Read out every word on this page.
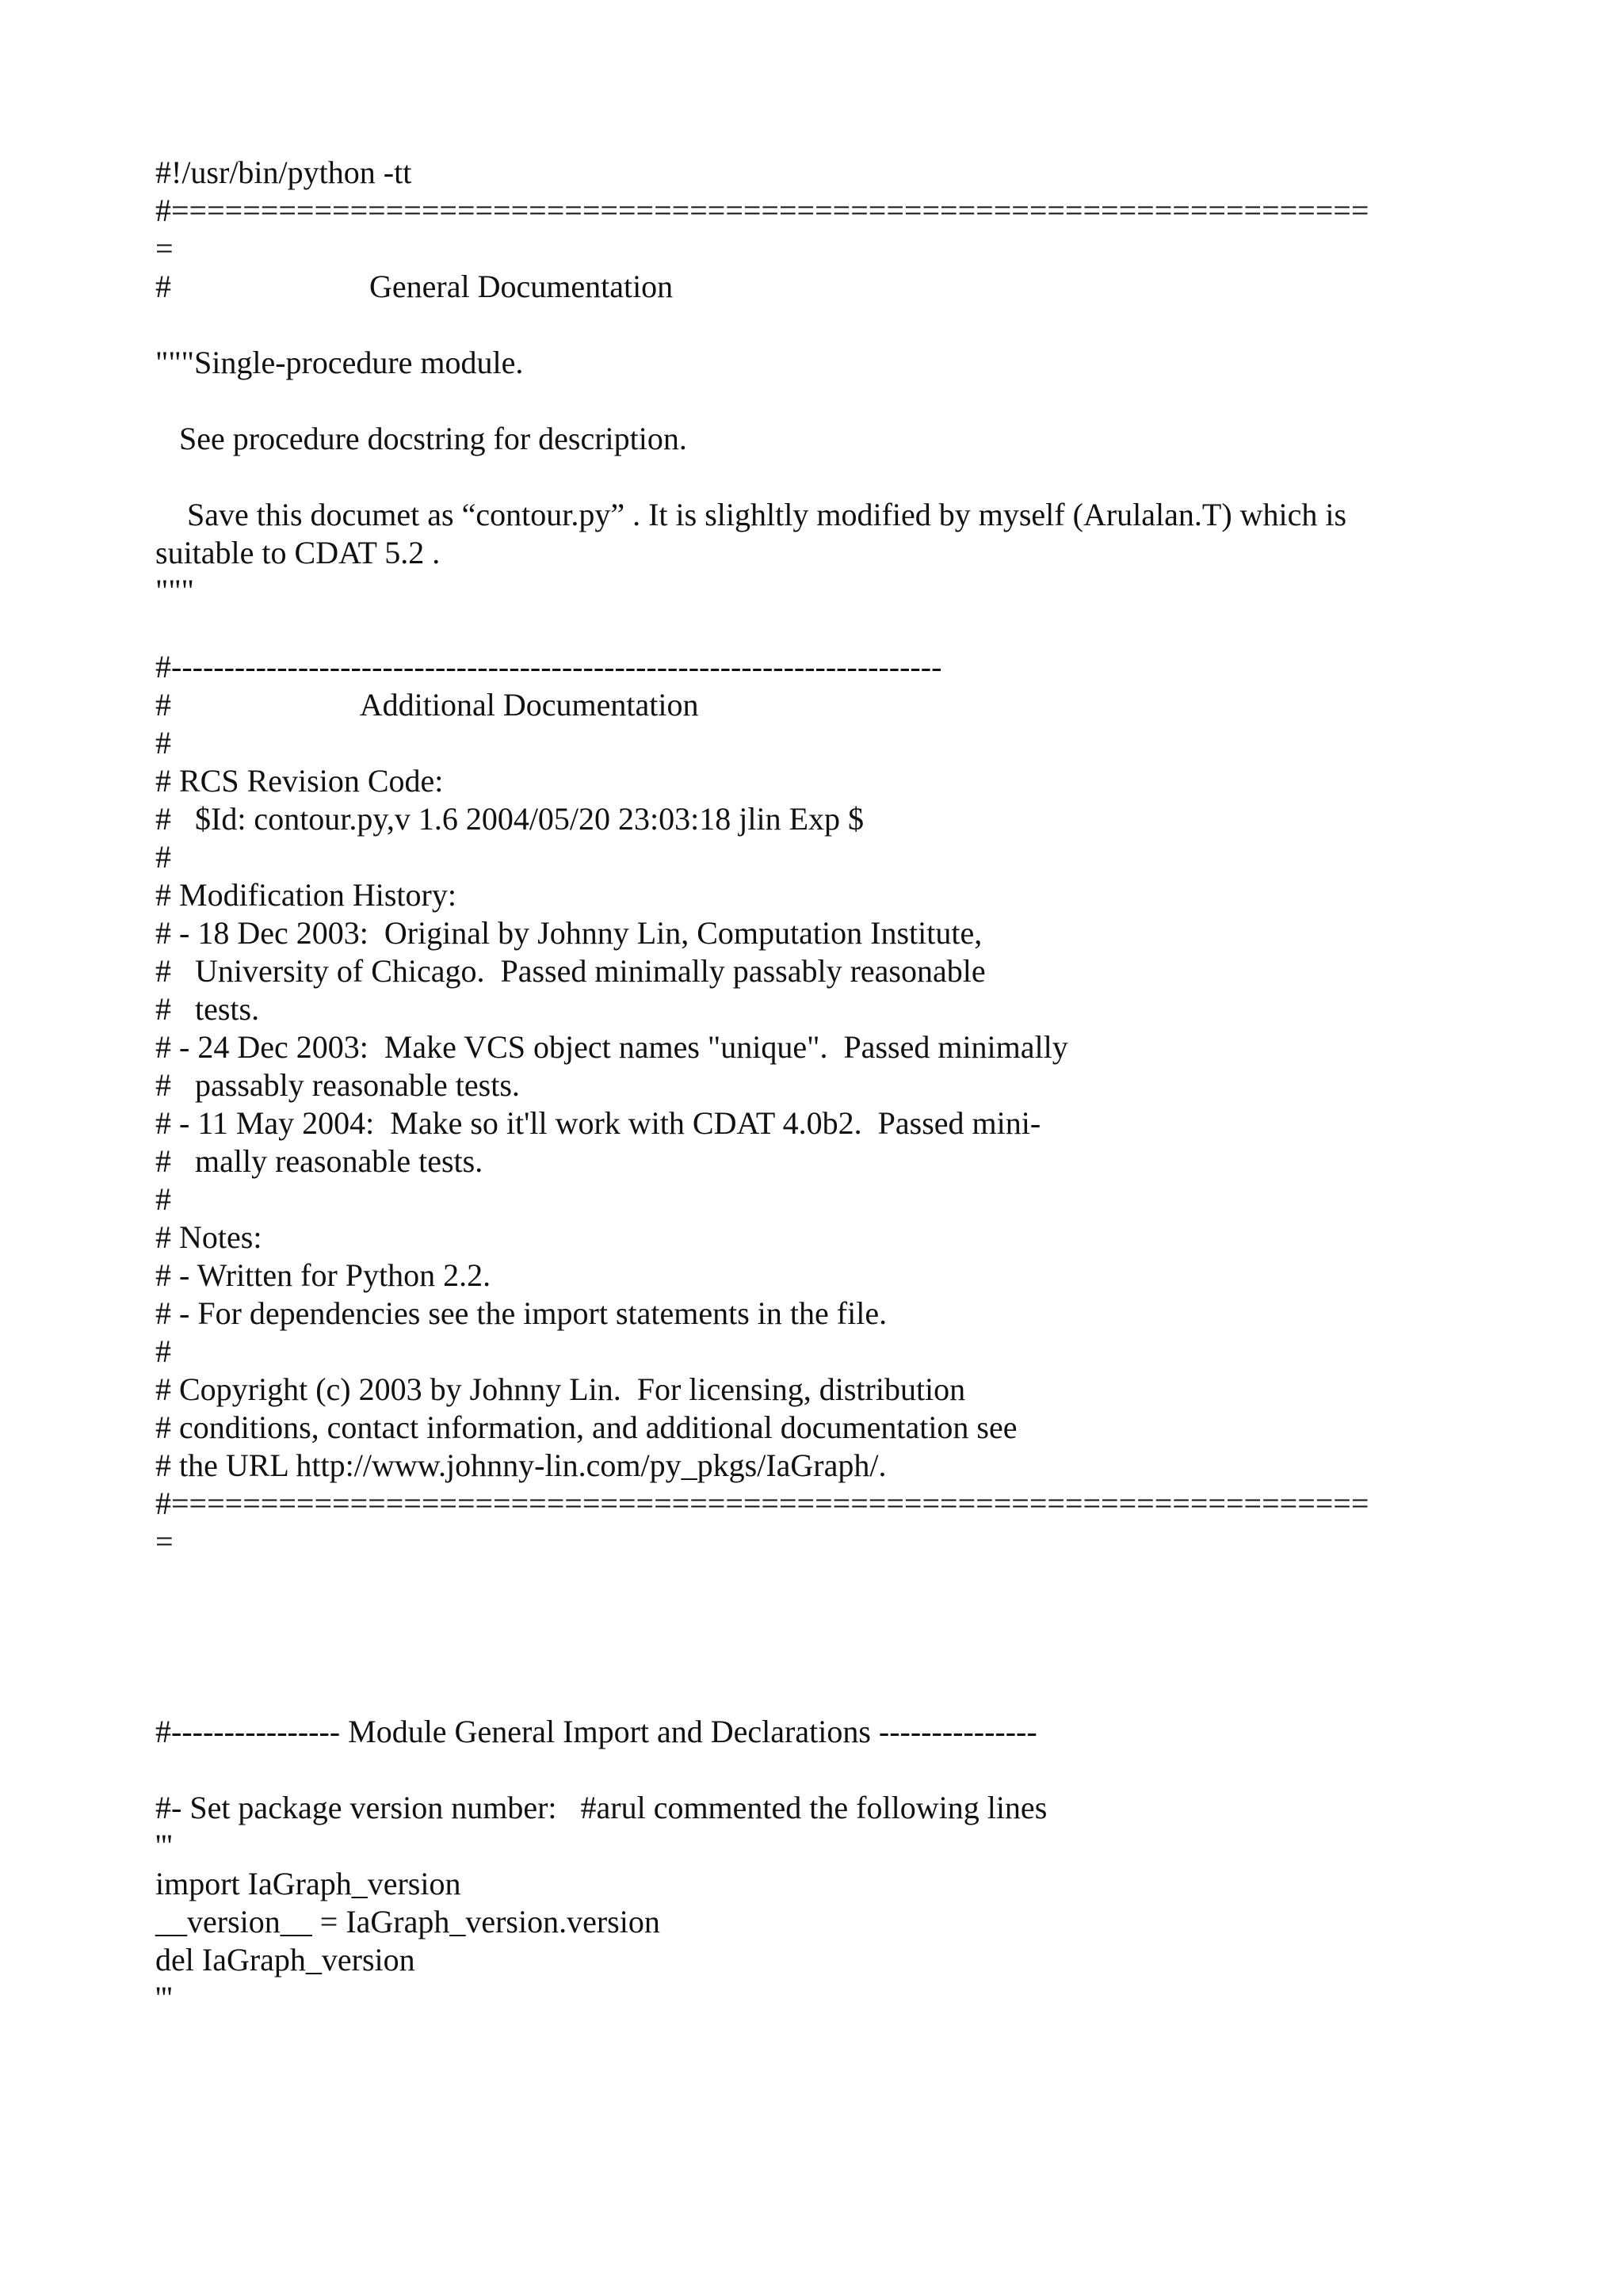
#!/usr/bin/python -tt
#===================================================================
=
#                         General Documentation
"""Single-procedure module.
See procedure docstring for description.
Save this documet as “contour.py” . It is slighltly modified by myself (Arulalan.T) which is
suitable to CDAT 5.2 .
"""
#-------------------------------------------------------------------------
#                        Additional Documentation
#
# RCS Revision Code:
#   $Id: contour.py,v 1.6 2004/05/20 23:03:18 jlin Exp $
#
# Modification History:
# - 18 Dec 2003:  Original by Johnny Lin, Computation Institute,
#   University of Chicago.  Passed minimally passably reasonable
#   tests.
# - 24 Dec 2003:  Make VCS object names "unique".  Passed minimally
#   passably reasonable tests.
# - 11 May 2004:  Make so it'll work with CDAT 4.0b2.  Passed mini-
#   mally reasonable tests.
#
# Notes:
# - Written for Python 2.2.
# - For dependencies see the import statements in the file.
#
# Copyright (c) 2003 by Johnny Lin.  For licensing, distribution
# conditions, contact information, and additional documentation see
# the URL http://www.johnny-lin.com/py_pkgs/IaGraph/.
#===================================================================
=
#---------------- Module General Import and Declarations ---------------
#- Set package version number:   #arul commented the following lines
'''
import IaGraph_version
__version__ = IaGraph_version.version
del IaGraph_version
'''
